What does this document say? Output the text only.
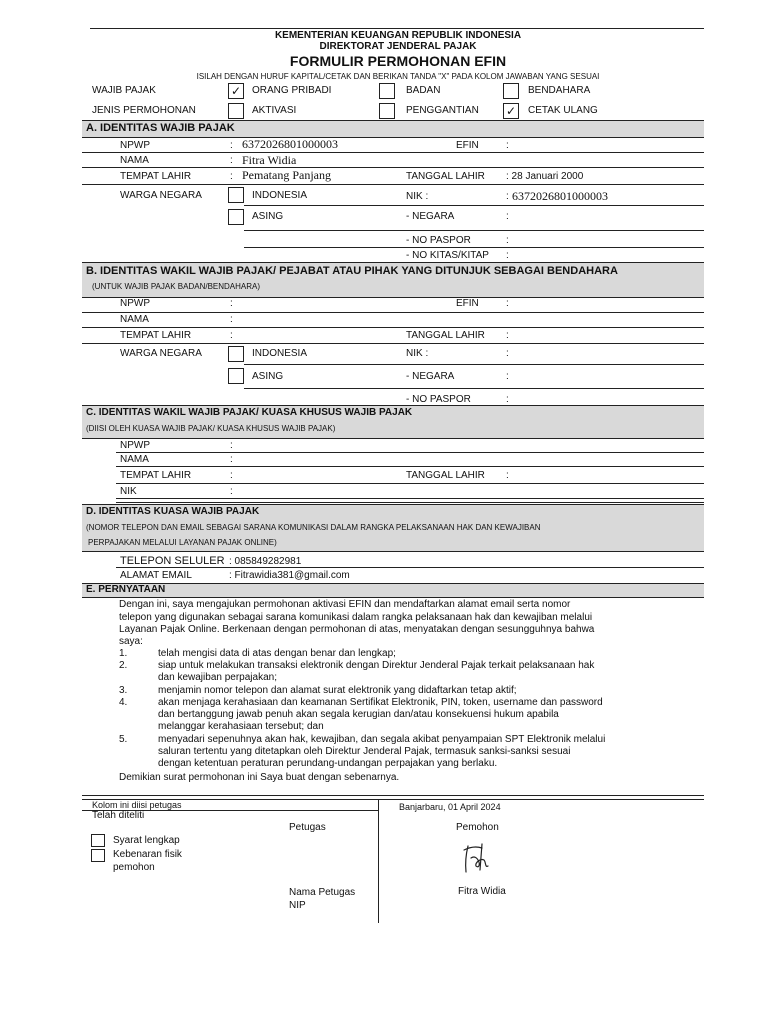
KEMENTERIAN KEUANGAN REPUBLIK INDONESIA
DIREKTORAT JENDERAL PAJAK
FORMULIR PERMOHONAN EFIN
ISILAH DENGAN HURUF KAPITAL/CETAK DAN BERIKAN TANDA "X" PADA KOLOM JAWABAN YANG SESUAI
WAJIB PAJAK	✓ ORANG PRIBADI	BADAN	BENDAHARA
JENIS PERMOHONAN	AKTIVASI	PENGGANTIAN ✓ CETAK ULANG
A. IDENTITAS WAJIB PAJAK
NPWP	: 6372026801000003	EFIN	:
NAMA	: Fitra Widia
TEMPAT LAHIR	: Pematang Panjang	TANGGAL LAHIR : 28 Januari 2000
WARGA NEGARA	INDONESIA	NIK :	: 6372026801000003
ASING	- NEGARA	:
- NO PASPOR	:
- NO KITAS/KITAP :
B. IDENTITAS WAKIL WAJIB PAJAK/ PEJABAT ATAU PIHAK YANG DITUNJUK SEBAGAI BENDAHARA
(UNTUK WAJIB PAJAK BADAN/BENDAHARA)
NPWP	:	EFIN	:
NAMA	:
TEMPAT LAHIR	:	TANGGAL LAHIR :
WARGA NEGARA	INDONESIA	NIK :	:
ASING	- NEGARA	:
- NO PASPOR	:
C. IDENTITAS WAKIL WAJIB PAJAK/ KUASA KHUSUS WAJIB PAJAK
(DIISI OLEH KUASA WAJIB PAJAK/ KUASA KHUSUS WAJIB PAJAK)
NPWP	:
NAMA	:
TEMPAT LAHIR	:	TANGGAL LAHIR :
NIK	:
D. IDENTITAS KUASA WAJIB PAJAK
(NOMOR TELEPON DAN EMAIL SEBAGAI SARANA KOMUNIKASI DALAM RANGKA PELAKSANAAN HAK DAN KEWAJIBAN
PERPAJAKAN MELALUI LAYANAN PAJAK ONLINE)
TELEPON SELULER : 085849282981
ALAMAT EMAIL	: Fitrawidia381@gmail.com
E. PERNYATAAN
Dengan ini, saya mengajukan permohonan aktivasi EFIN dan mendaftarkan alamat email serta nomor
telepon yang digunakan sebagai sarana komunikasi dalam rangka pelaksanaan hak dan kewajiban melalui
Layanan Pajak Online. Berkenaan dengan permohonan di atas, menyatakan dengan sesungguhnya bahwa
saya:
1.	telah mengisi data di atas dengan benar dan lengkap;
2.	siap untuk melakukan transaksi elektronik dengan Direktur Jenderal Pajak terkait pelaksanaan hak
dan kewajiban perpajakan;
3.	menjamin nomor telepon dan alamat surat elektronik yang didaftarkan tetap aktif;
4.	akan menjaga kerahasiaan dan keamanan Sertifikat Elektronik, PIN, token, username dan password
dan bertanggung jawab penuh akan segala kerugian dan/atau konsekuensi hukum apabila
melanggar kerahasiaan tersebut; dan
5.	menyadari sepenuhnya akan hak, kewajiban, dan segala akibat penyampaian SPT Elektronik melalui
saluran tertentu yang ditetapkan oleh Direktur Jenderal Pajak, termasuk sanksi-sanksi sesuai
dengan ketentuan peraturan perundang-undangan perpajakan yang berlaku.
Demikian surat permohonan ini Saya buat dengan sebenarnya.
Kolom ini diisi petugas
Telah diteliti
Petugas
Syarat lengkap
Kebenaran fisik
pemohon
Nama Petugas
NIP
Banjarbaru, 01 April 2024
Pemohon
Fitra Widia
